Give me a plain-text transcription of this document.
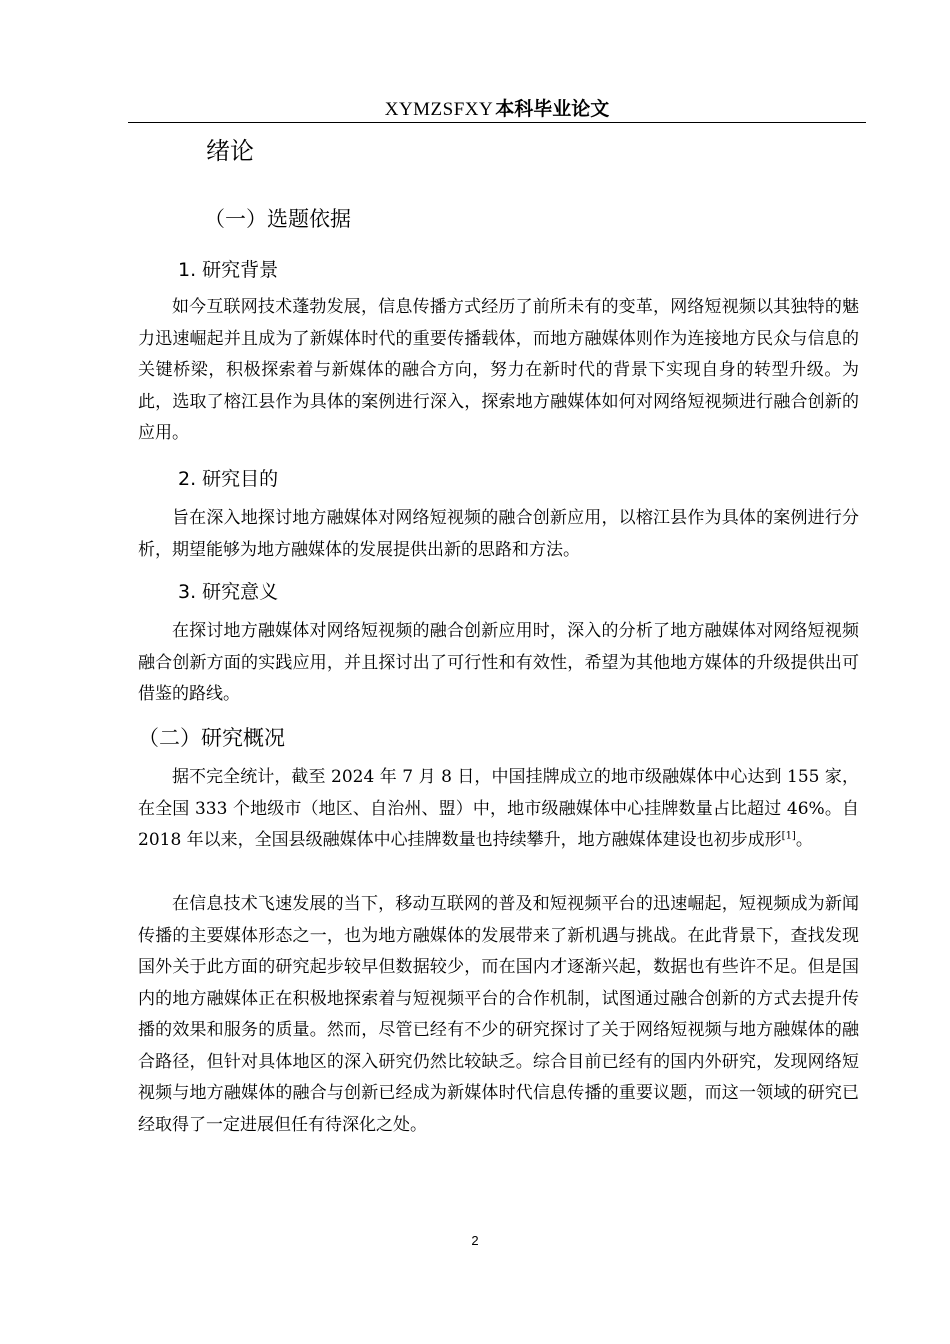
XYMZSFXY 本科毕业论文
绪论
（一）选题依据
1. 研究背景
如今互联网技术蓬勃发展，信息传播方式经历了前所未有的变革，网络短视频以其独特的魅力迅速崛起并且成为了新媒体时代的重要传播载体，而地方融媒体则作为连接地方民众与信息的关键桥梁，积极探索着与新媒体的融合方向，努力在新时代的背景下实现自身的转型升级。为此，选取了榕江县作为具体的案例进行深入，探索地方融媒体如何对网络短视频进行融合创新的应用。
2. 研究目的
旨在深入地探讨地方融媒体对网络短视频的融合创新应用，以榕江县作为具体的案例进行分析，期望能够为地方融媒体的发展提供出新的思路和方法。
3. 研究意义
在探讨地方融媒体对网络短视频的融合创新应用时，深入的分析了地方融媒体对网络短视频融合创新方面的实践应用，并且探讨出了可行性和有效性，希望为其他地方媒体的升级提供出可借鉴的路线。
（二）研究概况
据不完全统计，截至 2024 年 7 月 8 日，中国挂牌成立的地市级融媒体中心达到 155 家，在全国 333 个地级市（地区、自治州、盟）中，地市级融媒体中心挂牌数量占比超过 46%。自 2018 年以来，全国县级融媒体中心挂牌数量也持续攀升，地方融媒体建设也初步成形[1]。
在信息技术飞速发展的当下，移动互联网的普及和短视频平台的迅速崛起，短视频成为新闻传播的主要媒体形态之一，也为地方融媒体的发展带来了新机遇与挑战。在此背景下，查找发现国外关于此方面的研究起步较早但数据较少，而在国内才逐渐兴起，数据也有些许不足。但是国内的地方融媒体正在积极地探索着与短视频平台的合作机制，试图通过融合创新的方式去提升传播的效果和服务的质量。然而，尽管已经有不少的研究探讨了关于网络短视频与地方融媒体的融合路径，但针对具体地区的深入研究仍然比较缺乏。综合目前已经有的国内外研究，发现网络短视频与地方融媒体的融合与创新已经成为新媒体时代信息传播的重要议题，而这一领域的研究已经取得了一定进展但任有待深化之处。
2
